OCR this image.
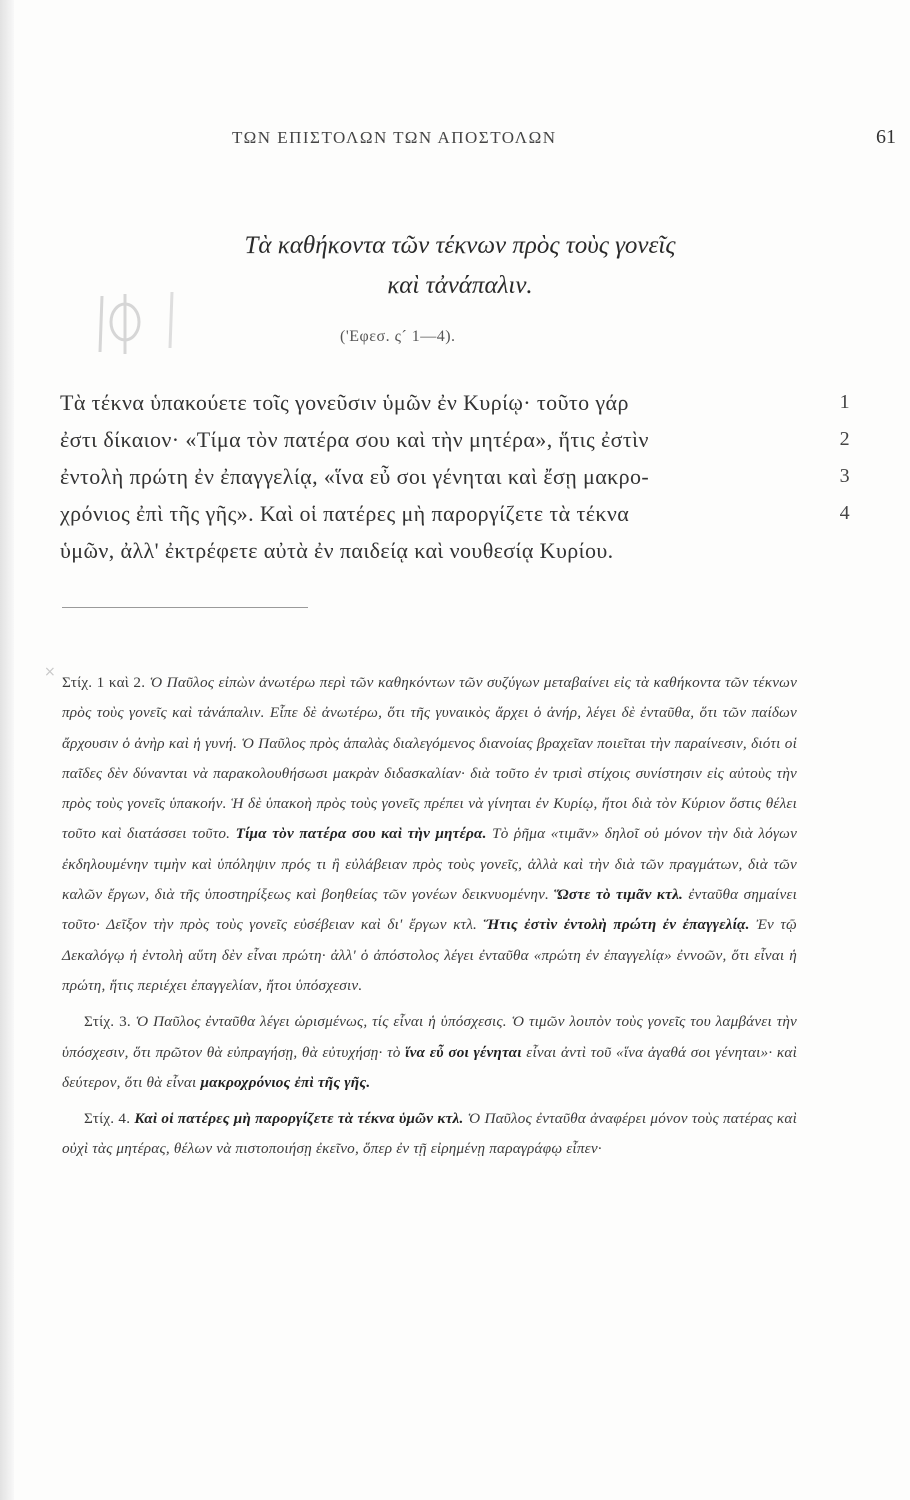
ΤΩΝ ΕΠΙΣΤΟΛΩΝ ΤΩΝ ΑΠΟΣΤΟΛΩΝ	61
Τὰ καθήκοντα τῶν τέκνων πρὸς τοὺς γονεῖς
καὶ τἀνάπαλιν.
('Εφεσ. ς´ 1—4).
Τὰ τέκνα ὑπακούετε τοῖς γονεῦσιν ὑμῶν ἐν Κυρίῳ· τοῦτο γάρ	1
ἐστι δίκαιον· «Τίμα τὸν πατέρα σου καὶ τὴν μητέρα», ἥτις ἐστὶν	2
ἐντολὴ πρώτη ἐν ἐπαγγελίᾳ, «ἵνα εὖ σοι γένηται καὶ ἔσῃ μακρο-	3
χρόνιος ἐπὶ τῆς γῆς». Καὶ οἱ πατέρες μὴ παροργίζετε τὰ τέκνα	4
ὑμῶν, ἀλλ' ἐκτρέφετε αὐτὰ ἐν παιδείᾳ καὶ νουθεσίᾳ Κυρίου.
×

Στίχ. 1 καὶ 2. Ὁ Παῦλος εἰπὼν ἀνωτέρω περὶ τῶν καθηκόντων τῶν συζύγων μεταβαίνει εἰς τὰ καθήκοντα τῶν τέκνων πρὸς τοὺς γονεῖς καὶ τἀνάπαλιν. Εἶπε δὲ ἀνωτέρω, ὅτι τῆς γυναικὸς ἄρχει ὁ ἀνήρ, λέγει δὲ ἐνταῦθα, ὅτι τῶν παίδων ἄρχουσιν ὁ ἀνὴρ καὶ ἡ γυνή. Ὁ Παῦλος πρὸς ἁπαλὰς διαλεγόμενος διανοίας βραχεῖαν ποιεῖται τὴν παραίνεσιν, διότι οἱ παῖδες δὲν δύνανται νὰ παρακολουθήσωσι μακρὰν διδασκαλίαν· διὰ τοῦτο ἐν τρισὶ στίχοις συνίστησιν εἰς αὐτοὺς τὴν πρὸς τοὺς γονεῖς ὑπακοήν. Ἡ δὲ ὑπακοὴ πρὸς τοὺς γονεῖς πρέπει νὰ γίνηται ἐν Κυρίῳ, ἤτοι διὰ τὸν Κύριον ὅστις θέλει τοῦτο καὶ διατάσσει τοῦτο. Τίμα τὸν πατέρα σου καὶ τὴν μητέρα. Τὸ ῥῆμα «τιμᾶν» δηλοῖ οὐ μόνον τὴν διὰ λόγων ἐκδηλουμένην τιμὴν καὶ ὑπόληψιν πρός τι ἢ εὐλάβειαν πρὸς τοὺς γονεῖς, ἀλλὰ καὶ τὴν διὰ τῶν πραγμάτων, διὰ τῶν καλῶν ἔργων, διὰ τῆς ὑποστηρίξεως καὶ βοηθείας τῶν γονέων δεικνυομένην. Ὥστε τὸ τιμᾶν κτλ. ἐνταῦθα σημαίνει τοῦτο· Δεῖξον τὴν πρὸς τοὺς γονεῖς εὐσέβειαν καὶ δι' ἔργων κτλ. Ἥτις ἐστὶν ἐντολὴ πρώτη ἐν ἐπαγγελίᾳ. Ἐν τῷ Δεκαλόγῳ ἡ ἐντολὴ αὕτη δὲν εἶναι πρώτη· ἀλλ' ὁ ἀπόστολος λέγει ἐνταῦθα «πρώτη ἐν ἐπαγγελίᾳ» ἐννοῶν, ὅτι εἶναι ἡ πρώτη, ἥτις περιέχει ἐπαγγελίαν, ἤτοι ὑπόσχεσιν.

Στίχ. 3. Ὁ Παῦλος ἐνταῦθα λέγει ὡρισμένως, τίς εἶναι ἡ ὑπόσχεσις. Ὁ τιμῶν λοιπὸν τοὺς γονεῖς του λαμβάνει τὴν ὑπόσχεσιν, ὅτι πρῶτον θὰ εὐπραγήσῃ, θὰ εὐτυχήσῃ· τὸ ἵνα εὖ σοι γένηται εἶναι ἀντὶ τοῦ «ἵνα ἀγαθά σοι γένηται»· καὶ δεύτερον, ὅτι θὰ εἶναι μακροχρόνιος ἐπὶ τῆς γῆς.

Στίχ. 4. Καὶ οἱ πατέρες μὴ παροργίζετε τὰ τέκνα ὑμῶν κτλ. Ὁ Παῦλος ἐνταῦθα ἀναφέρει μόνον τοὺς πατέρας καὶ οὐχὶ τὰς μητέρας, θέλων νὰ πιστοποιήσῃ ἐκεῖνο, ὅπερ ἐν τῇ εἰρημένῃ παραγράφῳ εἶπεν·
